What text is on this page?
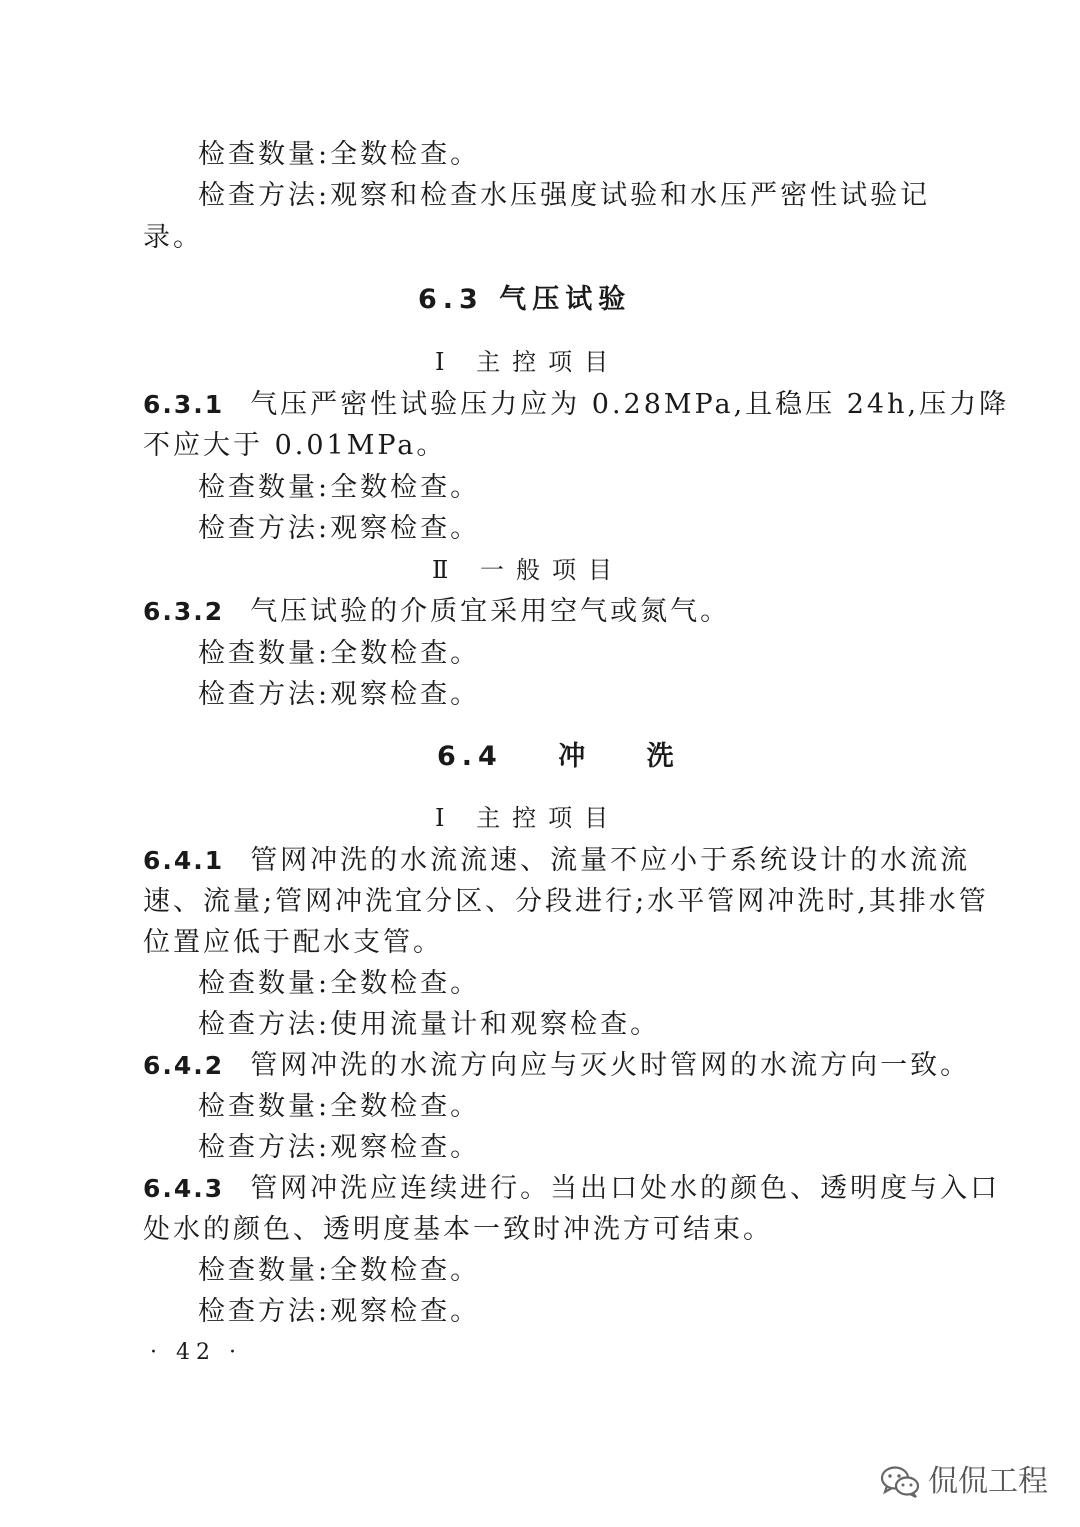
检查数量:全数检查。
检查方法:观察和检查水压强度试验和水压严密性试验记
录。
6.3 气压试验
Ⅰ 主控项目
6.3.1 气压严密性试验压力应为 0.28MPa,且稳压 24h,压力降
不应大于 0.01MPa。
检查数量:全数检查。
检查方法:观察检查。
Ⅱ 一般项目
6.3.2 气压试验的介质宜采用空气或氮气。
检查数量:全数检查。
检查方法:观察检查。
6.4 冲 洗
Ⅰ 主控项目
6.4.1 管网冲洗的水流流速、流量不应小于系统设计的水流流
速、流量;管网冲洗宜分区、分段进行;水平管网冲洗时,其排水管
位置应低于配水支管。
检查数量:全数检查。
检查方法:使用流量计和观察检查。
6.4.2 管网冲洗的水流方向应与灭火时管网的水流方向一致。
检查数量:全数检查。
检查方法:观察检查。
6.4.3 管网冲洗应连续进行。当出口处水的颜色、透明度与入口
处水的颜色、透明度基本一致时冲洗方可结束。
检查数量:全数检查。
检查方法:观察检查。
· 42 ·
侃侃工程
